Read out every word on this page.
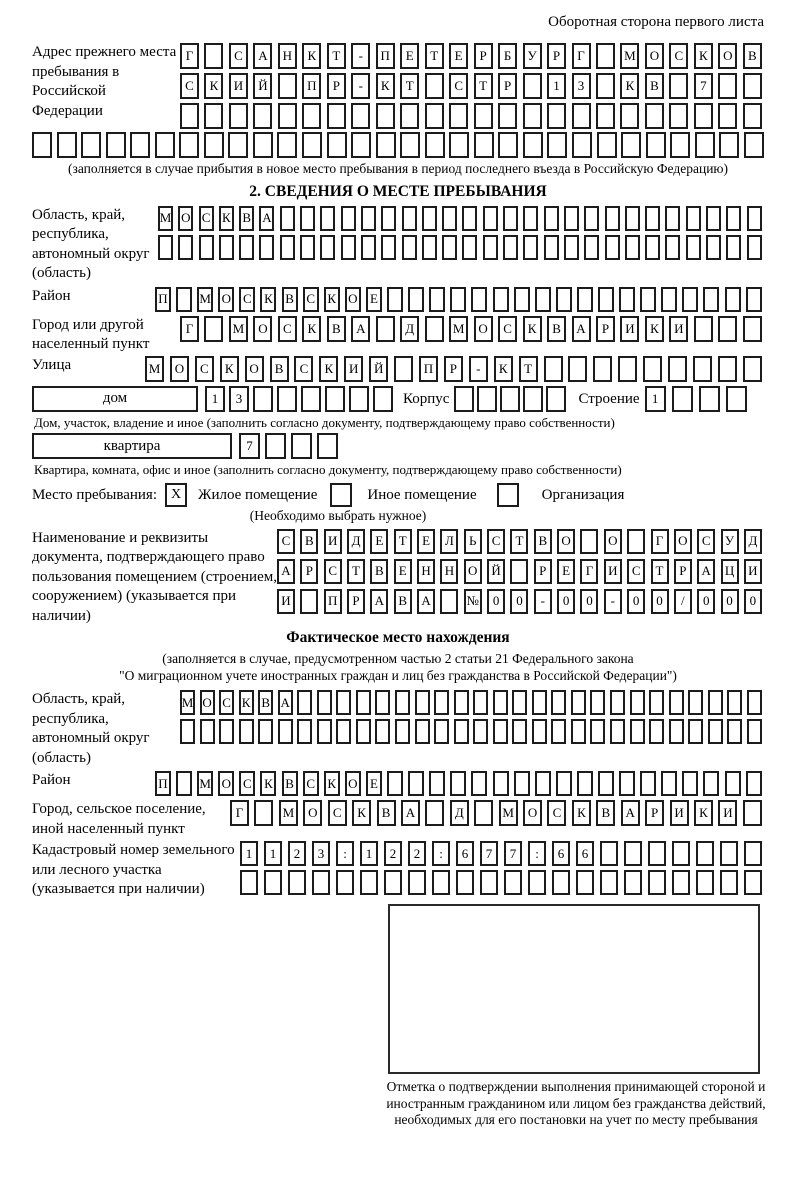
Оборотная сторона первого листа
Адрес прежнего места пребывания в Российской Федерации
Г	С	А	Н	К	Т	-	П	Е	Т	Е	Р	Б	У	Р	Г	М	О	С	К	О	В
С	К	И	Й	П	Р	-	К	Т	С	Т	Р	1	3	К	В	7
(заполняется в случае прибытия в новое место пребывания в период последнего въезда в Российскую Федерацию)
2. СВЕДЕНИЯ О МЕСТЕ ПРЕБЫВАНИЯ
Область, край, республика, автономный округ (область)
М О С К В А
Район	П М О С К В С К О Е
Город или другой населенный пункт
Г	М	О	С	К	В	А	Д	М	О	С	К	В	А	Р	И	К	И
Улица	М	О	С	К	О	В	С	К	И	Й	П	Р	-	К	Т
дом	1	3	Корпус	Строение 1
Дом, участок, владение и иное (заполнить согласно документу, подтверждающему право собственности)
квартира	7
Квартира, комната, офис и иное (заполнить согласно документу, подтверждающему право собственности)
Место пребывания: X	Жилое помещение	Иное помещение	Организация
(Необходимо выбрать нужное)
Наименование и реквизиты документа, подтверждающего право пользования помещением (строением, сооружением) (указывается при наличии)
С	В	И	Д	Е	Т	Е	Л	Ь	С	Т	В	О	О	Г	О	С	У	Д
А	Р	С	Т	В	Е	Н	Н	О	Й	Р	Е	Г	И	С	Т	Р	А	Ц	И
И	П	Р	А	В	А	№	0	0	-	0	0	-	0	0	/	0	0	0
Фактическое место нахождения
(заполняется в случае, предусмотренном частью 2 статьи 21 Федерального закона
"О миграционном учете иностранных граждан и лиц без гражданства в Российской Федерации")
Область, край, республика, автономный округ (область)
М О С К В А
Район	П М О С К В С К О Е
Город, сельское поселение, иной населенный пункт
Г	М	О	С	К	В	А	Д	М	О	С	К	В	А	Р	И	К	И
Кадастровый номер земельного или лесного участка (указывается при наличии)
1	1	2	3	:	1	2	2	:	6	7	7	:	6	6
Отметка о подтверждении выполнения принимающей стороной и иностранным гражданином или лицом без гражданства действий, необходимых для его постановки на учет по месту пребывания
